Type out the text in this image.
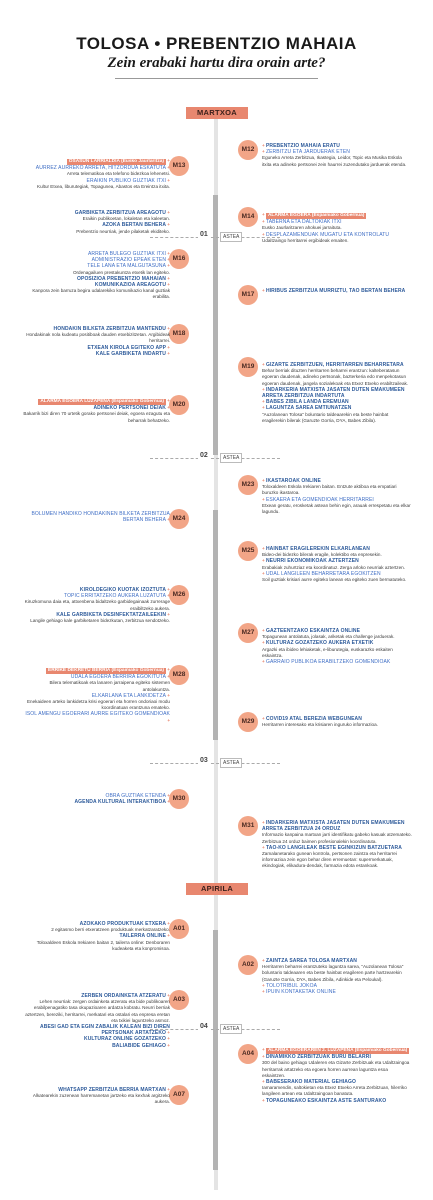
TOLOSA • PREBENTZIO MAHAIA
Zein erabaki hartu dira orain arte?
MARTXOA
APIRILA
01	ASTEA
02	ASTEA
03	ASTEA
04	ASTEA
M12
M13
M14
M16
M17
M18
M19
M20
M23
M24
M25
M26
M27
M28
M29
M30
M31
A01
A02
A03
A04
A07
+ PREBENTZIO MAHAIA ERATU
+ ZERBITZU ETA JARDUERAK ETEN
Eguneko Arreta Zerbitzua, Ikastegia, Leidor, Topic eta Musika Eskola itxita eta adineko pertsonei zein haurrei zuzendutako jarduerak etenda.
+ ALARMA EGOERA (Espainiako Gobernua)
+ TABERNA ETA DALTOKIAK ITXI
Eusko Jaurlaritzaren ahokuei jarraituta.
+ DESPLAZAMENDUAK MUGATU ETA KONTROLATU
Udaltzaingo herritarrei ergibideak emaiten.
+ HIRIBUS ZERBITZUA MURRIZTU, TAO BERTAN BEHERA
+ GIZARTE ZERBITZUEN, HERRITARREN BEHARRETARA
Behar berriak dituzten herritarren beharrei erantzun: kalteberatasun egoeran daudenak, adineko pertsonak, bazterkeria edo menpekotasun egoeran daudenak, jangela sozialekoak eta Etxez Etxeko erabiltzaileak.
+ INDARKERIA MATXISTA JASATEN DUTEN EMAKUMEEN ARRETA ZERBITZUA INDARTUTA
+ BABES ZIBILA LANDA EREMUAN
+ LAGUNTZA SAREA EMTIUNATZEN
"Auzolanean Tolosa" boluntario taldeaarekin eta beste hainbat eragilerekin bilerak (Garuzte Gorria, DYA, Babes Zibila).
+ IKASTAROAK ONLINE
Toloxaldeen Eskola Irekiaren baitan. Entzute aktiboa eta empatiari buruzko ikastaroa.
+ ESKAERA ETA GOMENDIOAK HERRITARREI
Etxean geratu, erosketak astean behin egin, arauak errespetatu eta elkar lagundu.
+ HAINBAT ERAGILEREKIN ELKARLANEAN
Bideo-dei bidezko bilerak eragile, kolektibo eta enpresekin.
+ NEURRI EKONOMIKOAK AZTERTZEN
Erabakiak zuhurtziaz eta koordinatuz. Zerga arloko neurriak aztertzen.
+ UDAL LANGILEEN BEHARRETARA EGOKITZEN
Soil guztiak krisiari aurre egiteko lanean eta egiteko zuen bermatuteko.
+ GAZTEENTZAKO ESKAINTZA ONLINE
Topagunean antolatuta, jolasak, ariketak eta challenge jarduerak.
+ KULTURAZ GOZATZEKO AUKERA ETXETIK
Argazki eta ibideo lehiaketak, e-liburutegia, euskarazko eskaiten eskaintza.
+ GARRAIO PUBLIKOA ERABILTZEKO GOMENDIOAK
+ COVID19 ATAL BEREZIA WEBGUNEAN
Herritarren interesako eta krisiaren inguruko informazioa.
+ INDARKERIA MATXISTA JASATEN DUTEN EMAKUMEEN ARRETA ZERBITZUA 24 ORDUZ
Informazio kanpaina martxan jarri identifikatu gabeko kasuak atzemateko. Zerbitzua 24 orduz baimen profesionalekin koordinatuta.
+ TAO-KO LANGILEAK BESTE EGINKIZUN BATZUETARA
Zamalanetarako gunean kontrola, pertsonen zaintza eta herritarrei informazioa zein egon behar diren erremuetan: supermerkatuak, ekindogiak, elikadura-dendak, farmazia edota estankoak.
+ ZAINTZA SAREA TOLOSA MARTXAN
Herritarren beharrei erantzuteko laguntza sarea, "Auzolanean Tolosa" boluntario taldeaaren eta beste hainbat eragileren parte hartzearekin (Garuzte Gorria, DYA, Babes Zibila, Adinkide eta Peloukal).
+ TOLOTRIBUL JOKOA
+ IPUIN KONTAKETAK ONLINE
+ ALARMA EGOERAREN 2. LUZAPENA (Espainiako Gobernua)
+ DINAMIKKO ZERBITZUAK BURU BELARRI
300 del baino gehiago Udaleren eta Gizarte Zerbitzuak eta Udaltzaingoa herritarrak artatzeko eta egoera horren aurrean laguntza esoa eskaintzen.
+ BABESERAKO MATERIAL GEHIAGO
Iamaramendin, saltokietan eta Etxez Etxeko Arreta Zerbitzuan, hilerriko langileen artean eta Udaltzaingoan banatuta.
+ TOPAGUNEAKO ESKAINTZA ASTE SANTURAKO
OSASUN LARRIALDIA (Eusko Jaurlaritza) +
AURREZ AURREKO ARRETA, HITZORDUA ESKATUTA +
Arreta telematikoa eta telefono bidezkoa lehenetsi.
ERAIKIN PUBLIKO GUZTIAK ITXI +
Kultur Etxea, liburutegiak, Topagunea, Abastos eta Ereintza itxita.
GARBIKETA ZERBITZUA AREAGOTU +
Eraikin publikoetan, lokaletan eta kaleetan.
AZOKA BERTAN BEHERA +
Prebentzio neurriak, jende pilaketak ekiditeko.
ARRETA BULEGO GUZTIAK ITXI +
ADMINISTRAZIO EPEAK ETEN +
TELE LANA ETA MALGUTASUNA +
Ordenagailuen prestakuntza etxetik lan egiteko.
OPOSIZIOA PREBENTZIO MAHAIAN +
KOMUNIKAZIOA AREAGOTU +
Kanpora zein barruza begira udalarekiko komunikazio kanal guztiak erabilita.
HONDAKIN BILKETA ZERBITZUA MANTENDU +
Hondakinak nola kudeatu positiboak dauden etxebizitzetan. Argibideak herritarrei.
ETXEAN KIROLA EGITEKO APP +
KALE GARBIKETA INDARTU +
ALARMA EGOERA LUZAPENA (Espainiako Gobernua) +
ADINEKO PERTSONEI DEIAK +
Bakarrik bizi diren 70 urtetik gorako pertsonei deiak, egoera ezagutu eta beharrak behatzeko.
BOLUMEN HANDIKO HONDAKINEN BILKETA ZERBITZUA BERTAN BEHERA +
KIROLDEGIKO KUOTAK IZOZTUTA +
TOPIC ERRITATZEKO AUKERA LUZATUTA +
Kiruzkomuna daia eta, attxenbena bidaltzeko garbidegainaak zurrerage eraibiltzeko aukera.
KALE GARBIKETA DESINFEKTATZAILEEKIN +
Langile gehiago kale garbiketaren bidezkutan, zerbitzua sendotzeko.
ERRIKE DEKRETU BERRIA (Espainiako Gobernua) +
UDALA EGOERA BERRIRA EGOKITUTA +
Bilera telematikoak eta lanaren jarraipena egiteko sistemen antolakuntza.
ELKARLANA ETA LANKIDETZA +
Enekaideen arteko lankidetza krisi egoerari eta horren ondoriaoi modu koordinatuan erantzuna emateko.
ISOL AMENGU EGOERARI AURRE EGITEKO GOMENDIOAK +
OBRA GUZTIAK ETENDA +
AGENDA KULTURAL INTERAKTIBOA +
AZOKAKO PRODUKTUAK ETXERA +
2 egitasmo berri etxeratzeen produktuak merkatzaratzeko.
TAILERRA ONLINE +
Toloxaldeen Eskola Irekiaren baitan 2, tailerra online: Denboraren kudeaketa eta konpromisoa.
ZERBEN ORDAINKETA ATZERATU +
Lehen neurriak: zergen ordainketa atzeratu eta bide publikoaren erabilpenagatiko tasa okupazioaren ardatza kobratu. Neurri berriak aztertzen, bereziki, herritarrei, merkatari eta ostalari eta enpresa eretan eta txikiei laguntzeko asmoz.
ABESI GAD ETA EGIN ZABALIK KALEAN BIZI DIREN PERTSONAK ARTATZEKO +
KULTURAZ ONLINE GOZATZEKO +
BALIABIDE GEHIAGO +
WHATSAPP ZERBITZUA BERRIA MARTXAN +
Alkatearekin zuzenean harremanetan jartzeko eta kexhak argitzeko aukera.
